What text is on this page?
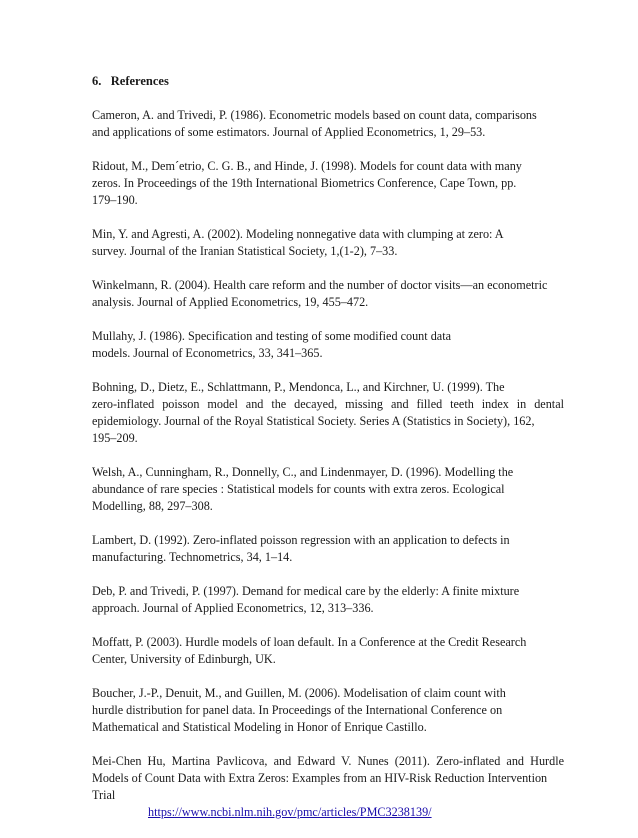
6. References
Cameron, A. and Trivedi, P. (1986). Econometric models based on count data, comparisons
and applications of some estimators. Journal of Applied Econometrics, 1, 29–53.
Ridout, M., Dem´etrio, C. G. B., and Hinde, J. (1998). Models for count data with many
zeros. In Proceedings of the 19th International Biometrics Conference, Cape Town, pp.
179–190.
Min, Y. and Agresti, A. (2002). Modeling nonnegative data with clumping at zero: A
survey. Journal of the Iranian Statistical Society, 1,(1-2), 7–33.
Winkelmann, R. (2004). Health care reform and the number of doctor visits—an econometric
analysis. Journal of Applied Econometrics, 19, 455–472.
Mullahy, J. (1986). Specification and testing of some modified count data
models. Journal of Econometrics, 33, 341–365.
Bohning, D., Dietz, E., Schlattmann, P., Mendonca, L., and Kirchner, U. (1999). The
zero-inflated poisson model and the decayed, missing and filled teeth index in dental
epidemiology. Journal of the Royal Statistical Society. Series A (Statistics in Society), 162,
195–209.
Welsh, A., Cunningham, R., Donnelly, C., and Lindenmayer, D. (1996). Modelling the
abundance of rare species : Statistical models for counts with extra zeros. Ecological
Modelling, 88, 297–308.
Lambert, D. (1992). Zero-inflated poisson regression with an application to defects in
manufacturing. Technometrics, 34, 1–14.
Deb, P. and Trivedi, P. (1997). Demand for medical care by the elderly: A finite mixture
approach. Journal of Applied Econometrics, 12, 313–336.
Moffatt, P. (2003). Hurdle models of loan default. In a Conference at the Credit Research
Center, University of Edinburgh, UK.
Boucher, J.-P., Denuit, M., and Guillen, M. (2006). Modelisation of claim count with
hurdle distribution for panel data. In Proceedings of the International Conference on
Mathematical and Statistical Modeling in Honor of Enrique Castillo.
Mei-Chen Hu, Martina Pavlicova, and Edward V. Nunes (2011). Zero-inflated and Hurdle
Models of Count Data with Extra Zeros: Examples from an HIV-Risk Reduction Intervention
Trial
https://www.ncbi.nlm.nih.gov/pmc/articles/PMC3238139/
